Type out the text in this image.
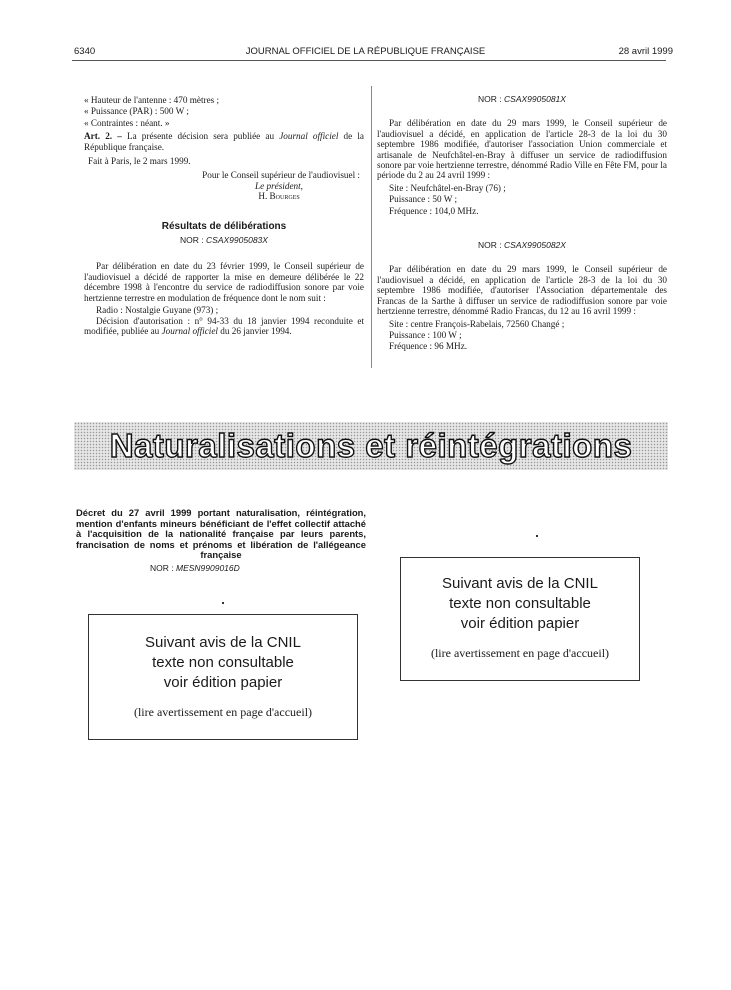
6340	JOURNAL OFFICIEL DE LA RÉPUBLIQUE FRANÇAISE	28 avril 1999

« Hauteur de l'antenne : 470 mètres ;

« Puissance (PAR) : 500 W ;

« Contraintes : néant. »

Art. 2. – La présente décision sera publiée au Journal officiel de la République française.

Fait à Paris, le 2 mars 1999.

Pour le Conseil supérieur de l'audiovisuel :

Le président,

H. Bourges

Résultats de délibérations

NOR : CSAX9905083X

Par délibération en date du 23 février 1999, le Conseil supérieur de l'audiovisuel a décidé de rapporter la mise en demeure délibérée le 22 décembre 1998 à l'encontre du service de radiodiffusion sonore par voie hertzienne terrestre en modulation de fréquence dont le nom suit :

Radio : Nostalgie Guyane (973) ;

Décision d'autorisation : n° 94-33 du 18 janvier 1994 reconduite et modifiée, publiée au Journal officiel du 26 janvier 1994.

NOR : CSAX9905081X

Par délibération en date du 29 mars 1999, le Conseil supérieur de l'audiovisuel a décidé, en application de l'article 28-3 de la loi du 30 septembre 1986 modifiée, d'autoriser l'association Union commerciale et artisanale de Neufchâtel-en-Bray à diffuser un service de radiodiffusion sonore par voie hertzienne terrestre, dénommé Radio Ville en Fête FM, pour la période du 2 au 24 avril 1999 :

Site : Neufchâtel-en-Bray (76) ;

Puissance : 50 W ;

Fréquence : 104,0 MHz.

NOR : CSAX9905082X

Par délibération en date du 29 mars 1999, le Conseil supérieur de l'audiovisuel a décidé, en application de l'article 28-3 de la loi du 30 septembre 1986 modifiée, d'autoriser l'Association départementale des Francas de la Sarthe à diffuser un service de radiodiffusion sonore par voie hertzienne terrestre, dénommé Radio Francas, du 12 au 16 avril 1999 :

Site : centre François-Rabelais, 72560 Changé ;

Puissance : 100 W ;

Fréquence : 96 MHz.

Naturalisations et réintégrations
Décret du 27 avril 1999 portant naturalisation, réintégration, mention d'enfants mineurs bénéficiant de l'effet collectif attaché à l'acquisition de la nationalité française par leurs parents, francisation de noms et prénoms et libération de l'allégeance française
NOR : MESN9909016D
Suivant avis de la CNIL
texte non consultable
voir édition papier
(lire avertissement en page d'accueil)
Suivant avis de la CNIL
texte non consultable
voir édition papier
(lire avertissement en page d'accueil)
